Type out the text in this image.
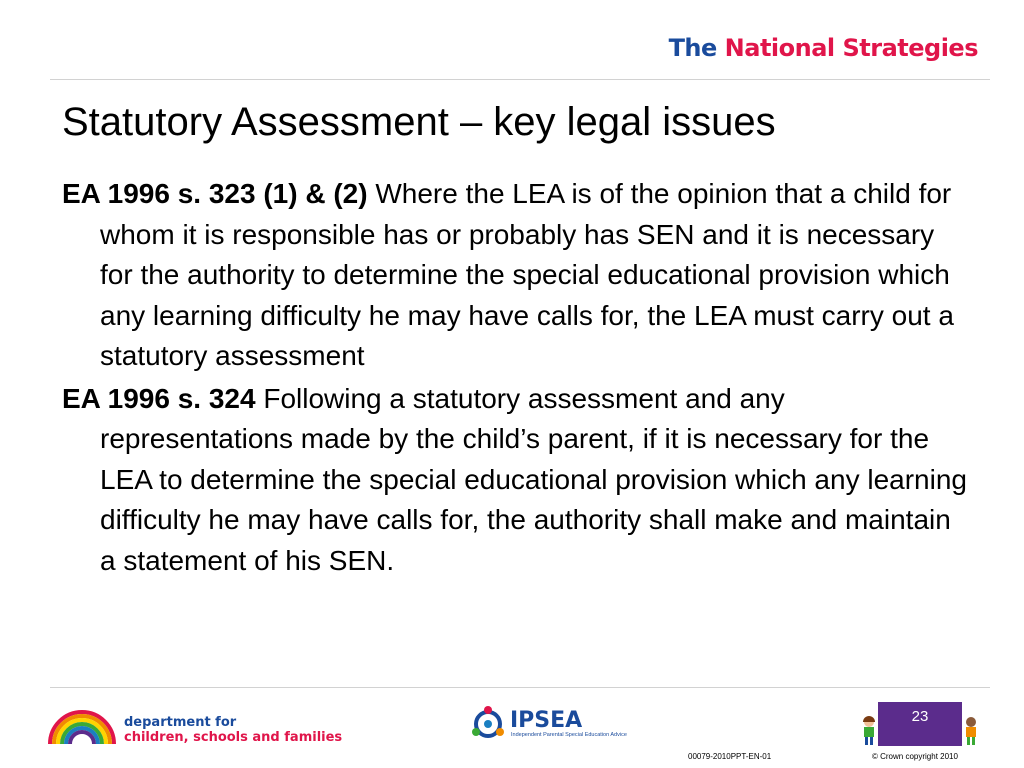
The National Strategies
Statutory Assessment – key legal issues

EA 1996 s. 323 (1) & (2) Where the LEA is of the opinion that a child for whom it is responsible has or probably has SEN and it is necessary for the authority to determine the special educational provision which any learning difficulty he may have calls for, the LEA must carry out a statutory assessment

EA 1996 s. 324 Following a statutory assessment and any representations made by the child’s parent, if it is necessary for the LEA to determine the special educational provision which any learning difficulty he may have calls for, the authority shall make and maintain a statement of his SEN.

department for
children, schools and families
IPSEA
Independent Parental Special Education Advice
23
00079-2010PPT-EN-01	© Crown copyright 2010
